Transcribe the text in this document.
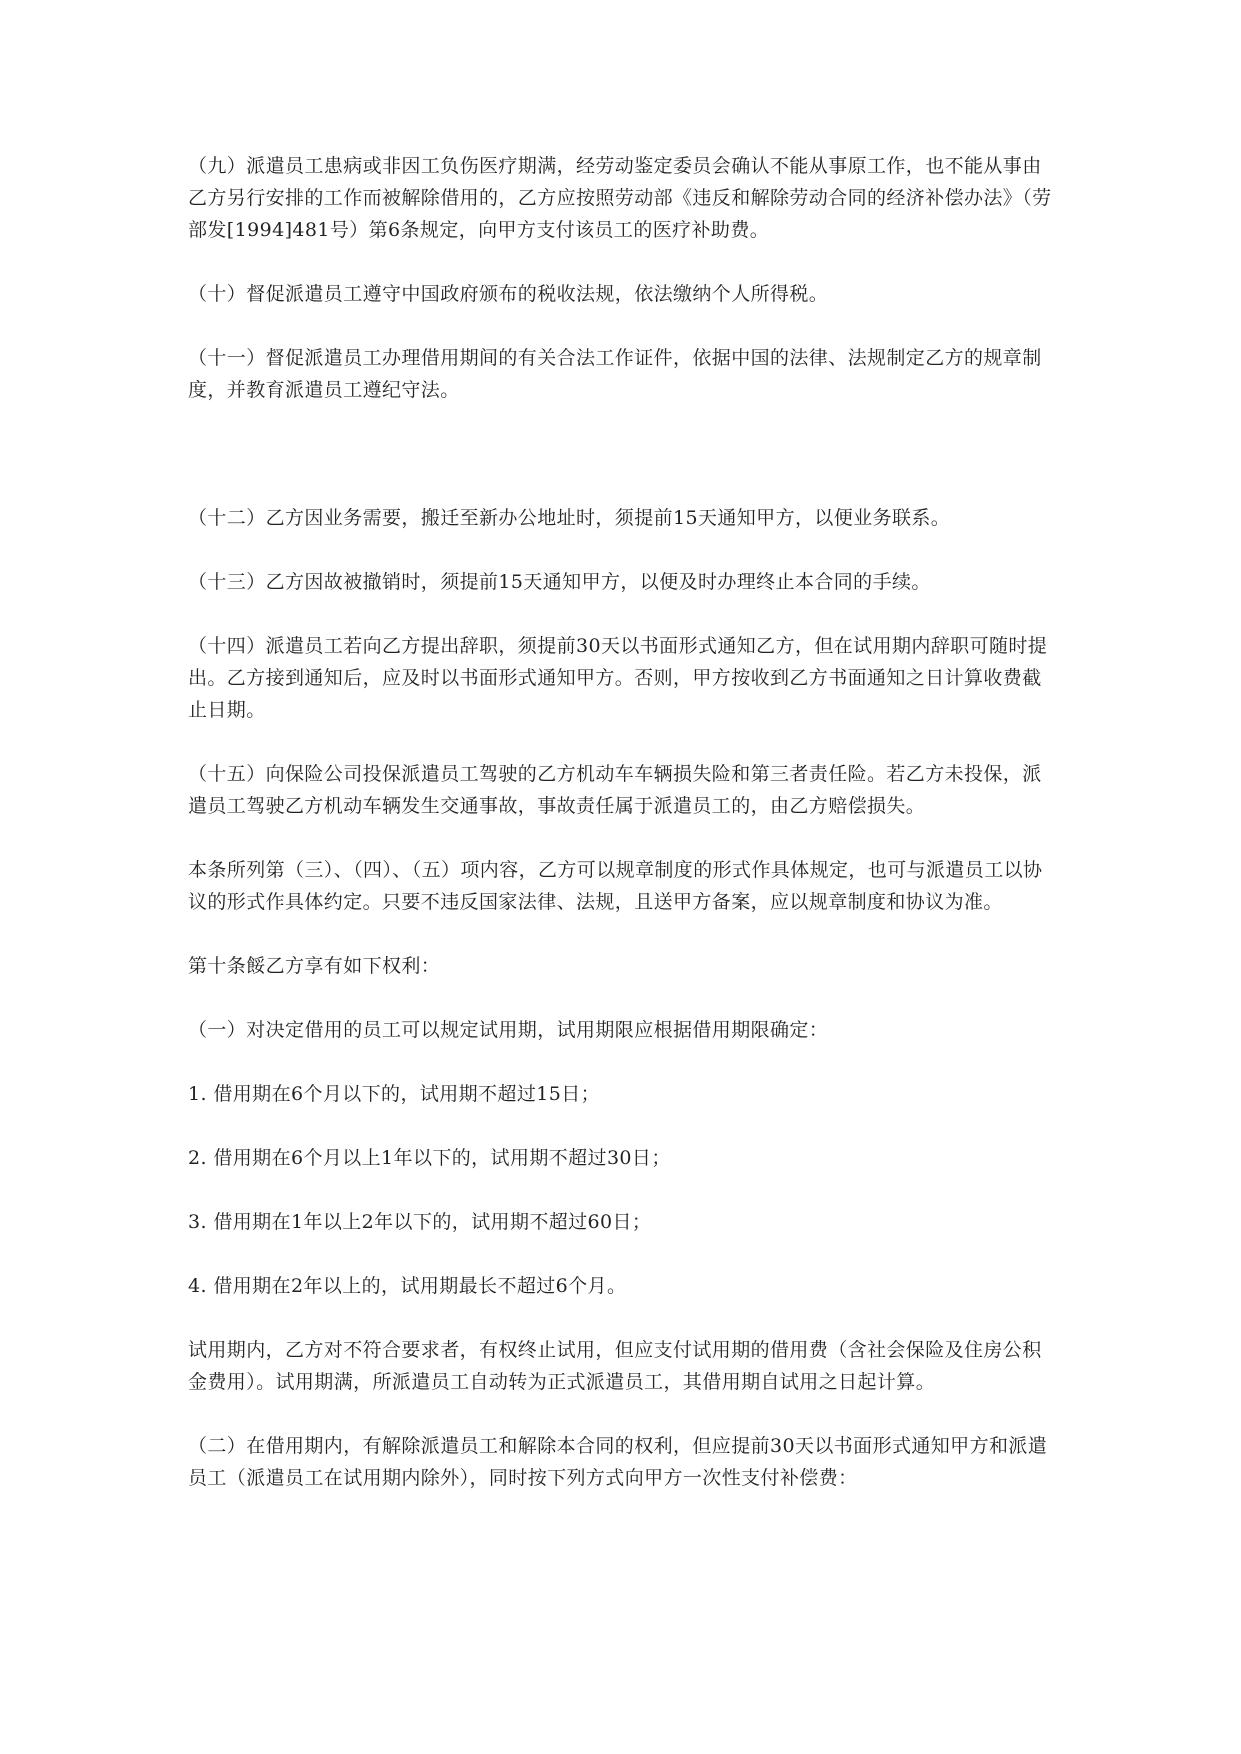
（九）派遣员工患病或非因工负伤医疗期满，经劳动鉴定委员会确认不能从事原工作，也不能从事由乙方另行安排的工作而被解除借用的，乙方应按照劳动部《违反和解除劳动合同的经济补偿办法》（劳部发[1994]481号）第6条规定，向甲方支付该员工的医疗补助费。

（十）督促派遣员工遵守中国政府颁布的税收法规，依法缴纳个人所得税。

（十一）督促派遣员工办理借用期间的有关合法工作证件，依据中国的法律、法规制定乙方的规章制度，并教育派遣员工遵纪守法。

（十二）乙方因业务需要，搬迁至新办公地址时，须提前15天通知甲方，以便业务联系。

（十三）乙方因故被撤销时，须提前15天通知甲方，以便及时办理终止本合同的手续。

（十四）派遣员工若向乙方提出辞职，须提前30天以书面形式通知乙方，但在试用期内辞职可随时提出。乙方接到通知后，应及时以书面形式通知甲方。否则，甲方按收到乙方书面通知之日计算收费截止日期。

（十五）向保险公司投保派遣员工驾驶的乙方机动车车辆损失险和第三者责任险。若乙方未投保，派遣员工驾驶乙方机动车辆发生交通事故，事故责任属于派遣员工的，由乙方赔偿损失。

本条所列第（三）、（四）、（五）项内容，乙方可以规章制度的形式作具体规定，也可与派遣员工以协议的形式作具体约定。只要不违反国家法律、法规，且送甲方备案，应以规章制度和协议为准。

第十条餒乙方享有如下权利：

（一）对决定借用的员工可以规定试用期，试用期限应根据借用期限确定：

1. 借用期在6个月以下的，试用期不超过15日；

2. 借用期在6个月以上1年以下的，试用期不超过30日；

3. 借用期在1年以上2年以下的，试用期不超过60日；

4. 借用期在2年以上的，试用期最长不超过6个月。

试用期内，乙方对不符合要求者，有权终止试用，但应支付试用期的借用费（含社会保险及住房公积金费用）。试用期满，所派遣员工自动转为正式派遣员工，其借用期自试用之日起计算。

（二）在借用期内，有解除派遣员工和解除本合同的权利，但应提前30天以书面形式通知甲方和派遣员工（派遣员工在试用期内除外），同时按下列方式向甲方一次性支付补偿费：
